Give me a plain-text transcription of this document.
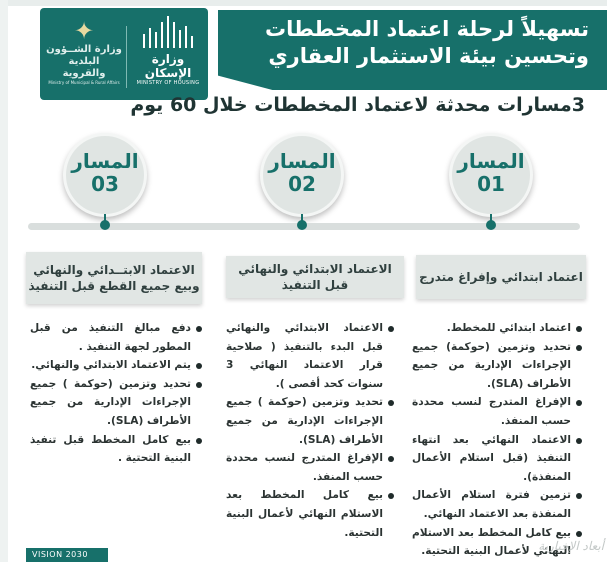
تسهيلاً لرحلة اعتماد المخططات
وتحسين بيئة الاستثمار العقاري
✦
وزارة الشــؤون البلدية والقروية
Ministry of Municipal & Rural Affairs
وزارة الإسكان
MINISTRY OF HOUSING
3مسارات محدثة لاعتماد المخططات خلال 60 يوم
المسار
01
المسار
02
المسار
03
اعتماد ابتدائي وإفراغ متدرج
الاعتماد الابتدائي والنهائي قبل التنفيذ
الاعتماد الابتــدائي والنهائي وبيع جميع القطع قبل التنفيذ
اعتماد ابتدائي للمخطط.
تحديد وتزمين (حوكمة) جميع الإجراءات الإدارية من جميع الأطراف (SLA).
الإفراغ المتدرج لنسب محددة حسب المنفذ.
الاعتماد النهائي بعد انتهاء التنفيذ (قبل استلام الأعمال المنفذة).
تزمين فترة استلام الأعمال المنفذة بعد الاعتماد النهائي.
بيع كامل المخطط بعد الاستلام النهائي لأعمال البنية التحتية.
الاعتماد الابتدائي والنهائي قبل البدء بالتنفيذ ( صلاحية قرار الاعتماد النهائي 3 سنوات كحد أقصى ).
تحديد وتزمين (حوكمة ) جميع الإجراءات الإدارية من جميع الأطراف (SLA).
الإفراغ المتدرج لنسب محددة حسب المنفذ.
بيع كامل المخطط بعد الاستلام النهائي لأعمال البنية التحتية.
دفع مبالغ التنفيذ من قبل المطور لجهة التنفيذ .
يتم الاعتماد الابتدائي والنهائي.
تحديد وتزمين (حوكمة ) جميع الإجراءات الإدارية من جميع الأطراف (SLA).
بيع كامل المخطط قبل تنفيذ البنية التحتية .
VISION 2030
أبعاد الإخبارية
